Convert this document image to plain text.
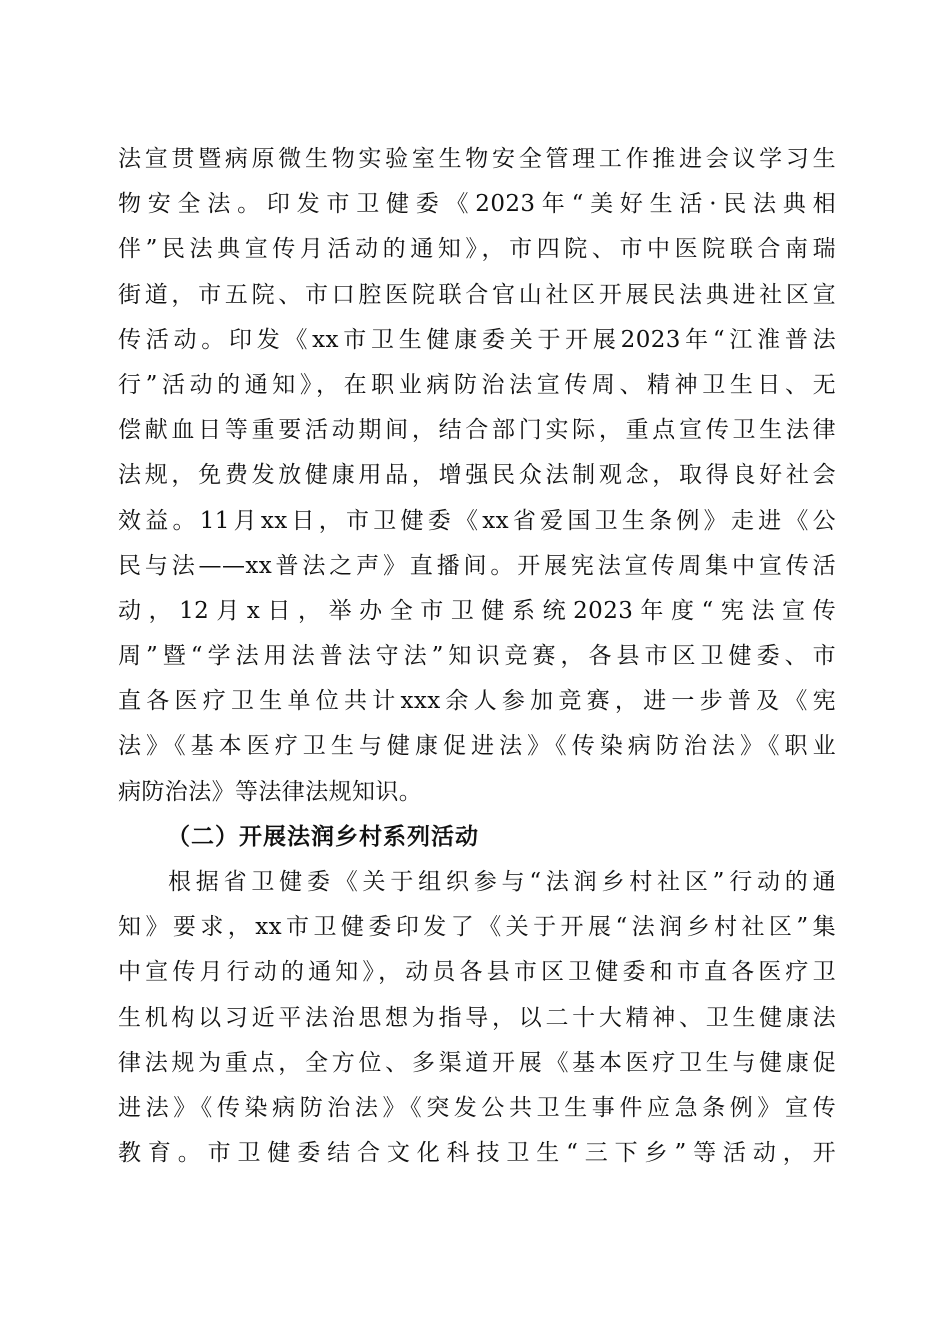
法宣贯暨病原微生物实验室生物安全管理工作推进会议学习生
物安全法。印发市卫健委《2023年“美好生活·民法典相
伴”民法典宣传月活动的通知》，市四院、市中医院联合南瑞
街道，市五院、市口腔医院联合官山社区开展民法典进社区宣
传活动。印发《xx市卫生健康委关于开展2023年“江淮普法
行”活动的通知》，在职业病防治法宣传周、精神卫生日、无
偿献血日等重要活动期间，结合部门实际，重点宣传卫生法律
法规，免费发放健康用品，增强民众法制观念，取得良好社会
效益。11月xx日，市卫健委《xx省爱国卫生条例》走进《公
民与法——xx普法之声》直播间。开展宪法宣传周集中宣传活
动，12月x日，举办全市卫健系统2023年度“宪法宣传
周”暨“学法用法普法守法”知识竞赛，各县市区卫健委、市
直各医疗卫生单位共计xxx余人参加竞赛，进一步普及《宪
法》《基本医疗卫生与健康促进法》《传染病防治法》《职业
病防治法》等法律法规知识。
（二）开展法润乡村系列活动
根据省卫健委《关于组织参与“法润乡村社区”行动的通
知》要求，xx市卫健委印发了《关于开展“法润乡村社区”集
中宣传月行动的通知》，动员各县市区卫健委和市直各医疗卫
生机构以习近平法治思想为指导，以二十大精神、卫生健康法
律法规为重点，全方位、多渠道开展《基本医疗卫生与健康促
进法》《传染病防治法》《突发公共卫生事件应急条例》宣传
教育。市卫健委结合文化科技卫生“三下乡”等活动，开
